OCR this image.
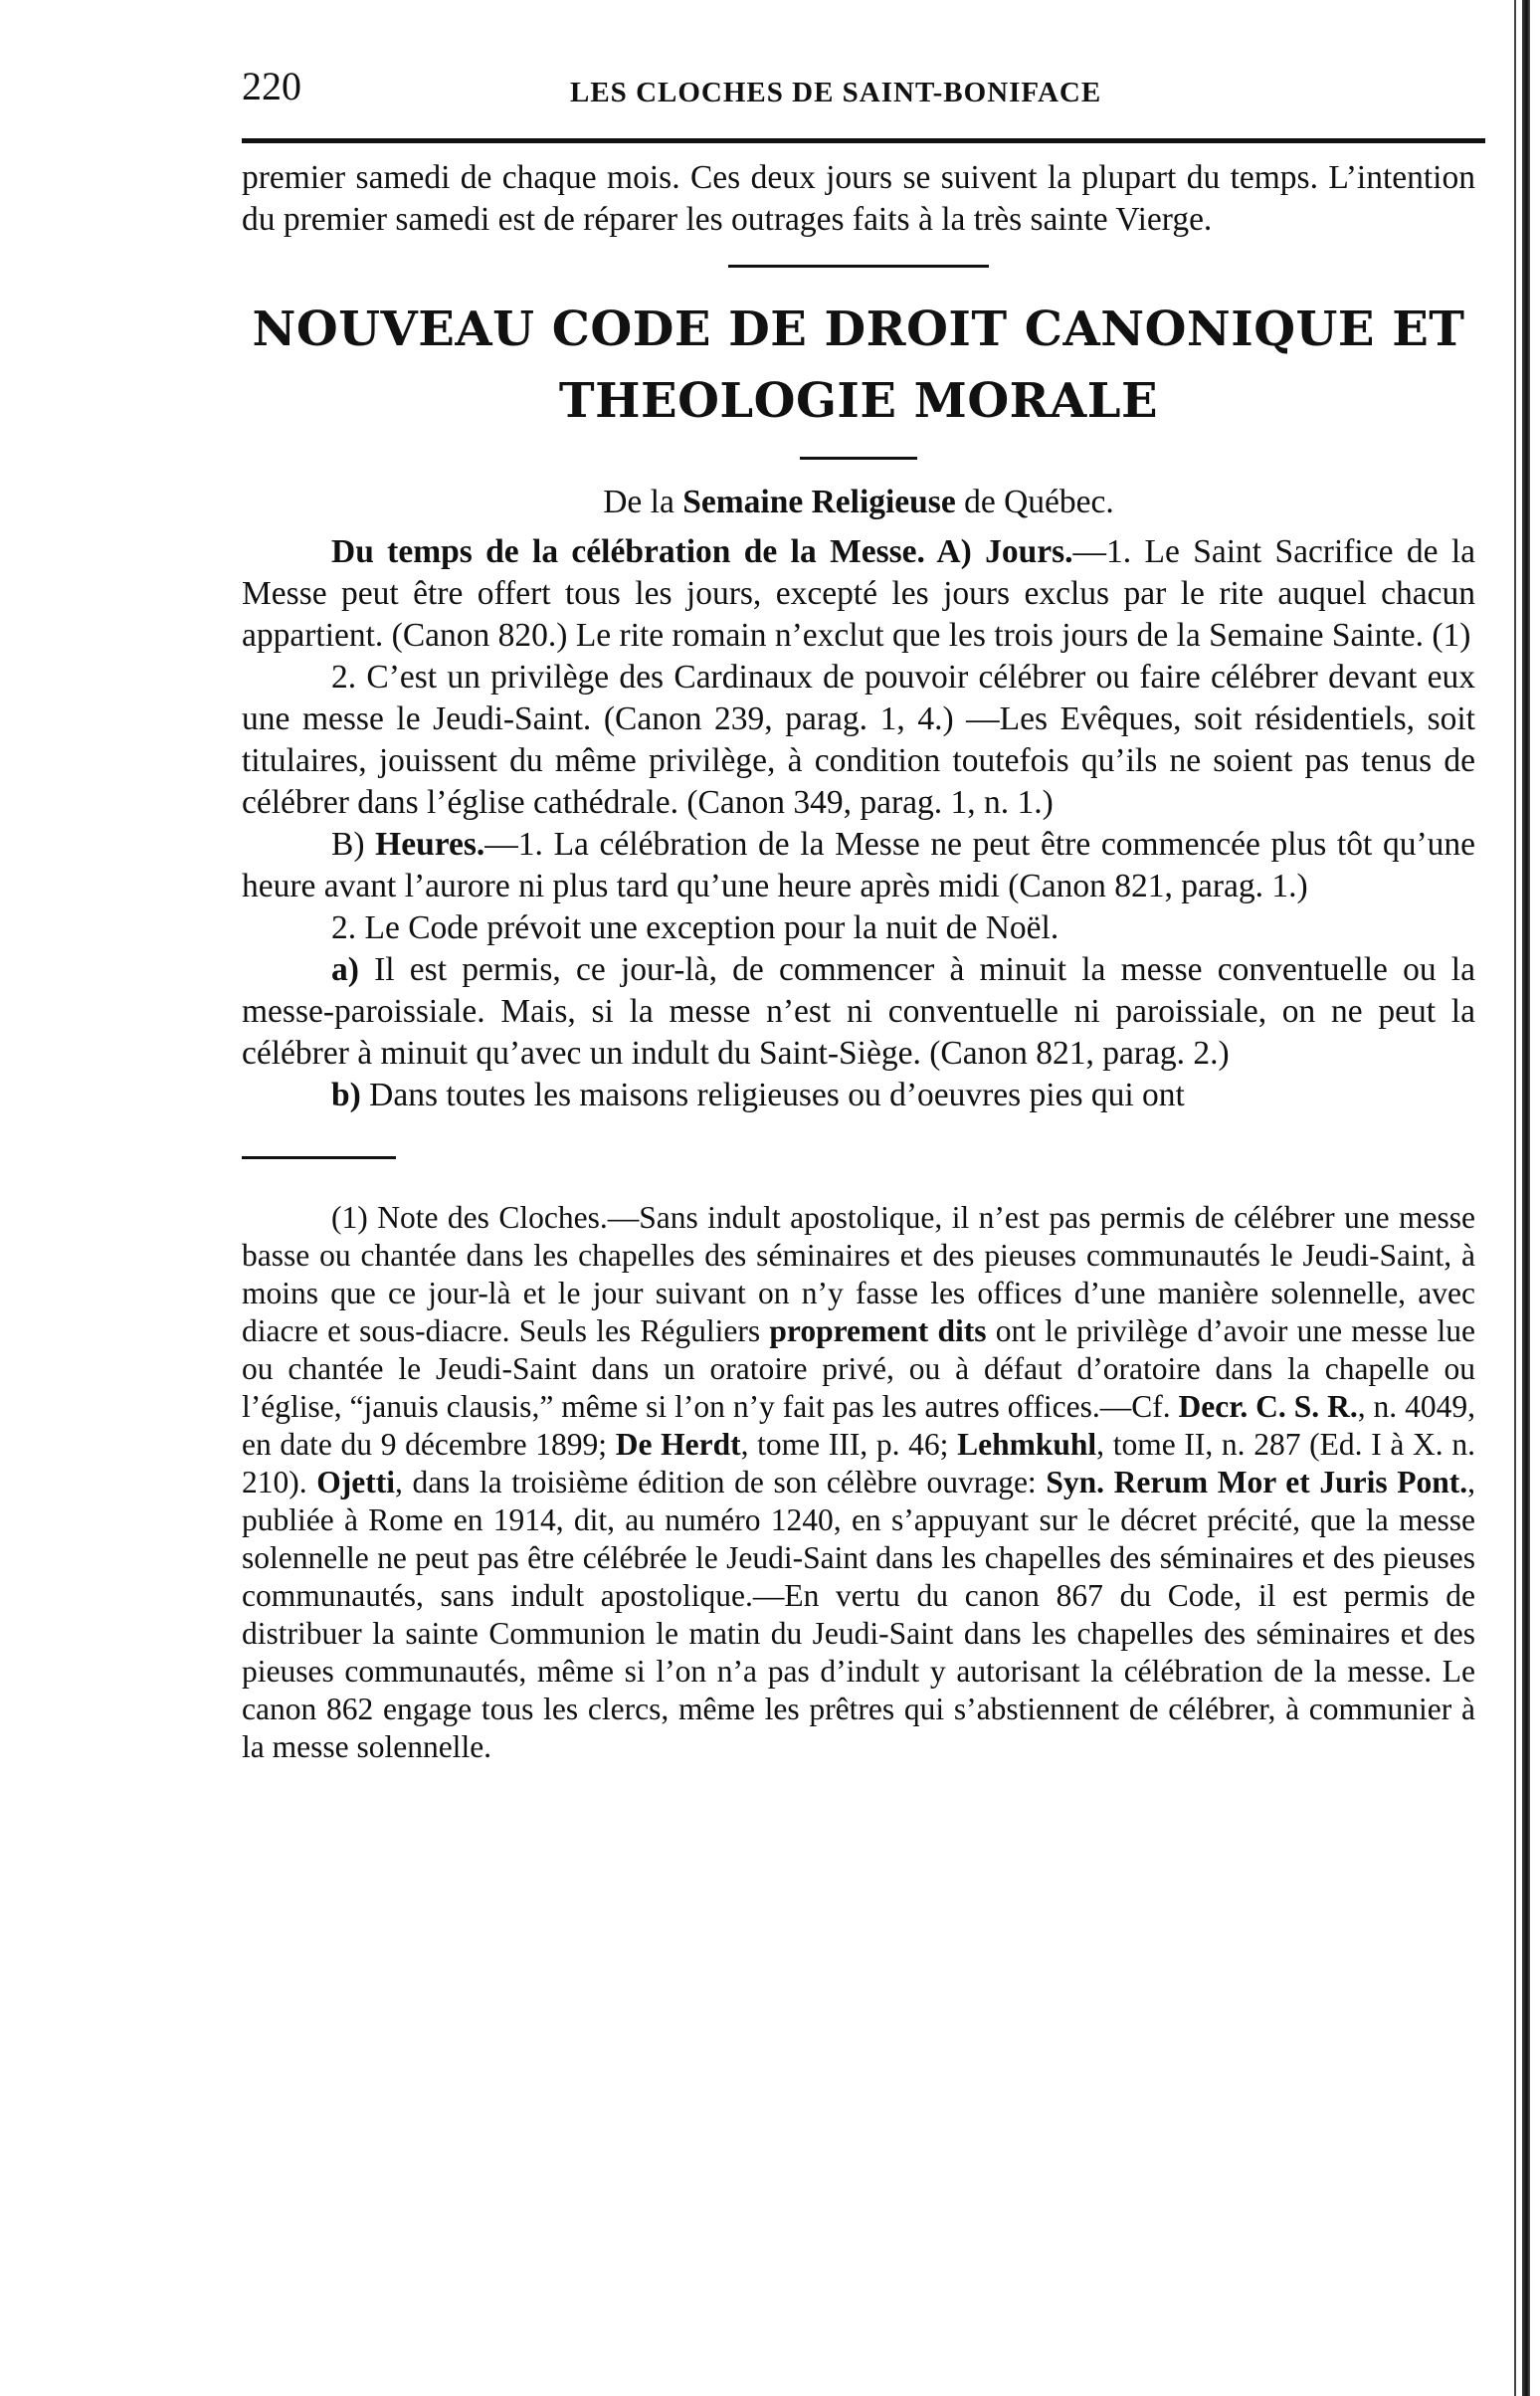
220	LES CLOCHES DE SAINT-BONIFACE

premier samedi de chaque mois. Ces deux jours se suivent la plupart du temps. L’intention du premier samedi est de réparer les outrages faits à la très sainte Vierge.

NOUVEAU CODE DE DROIT CANONIQUE ET
THEOLOGIE MORALE

De la Semaine Religieuse de Québec.

Du temps de la célébration de la Messe. A) Jours.—1. Le Saint Sacrifice de la Messe peut être offert tous les jours, excepté les jours exclus par le rite auquel chacun appartient. (Canon 820.) Le rite romain n’exclut que les trois jours de la Semaine Sainte. (1)

2. C’est un privilège des Cardinaux de pouvoir célébrer ou faire célébrer devant eux une messe le Jeudi-Saint. (Canon 239, parag. 1, 4.) —Les Evêques, soit résidentiels, soit titulaires, jouissent du même privilège, à condition toutefois qu’ils ne soient pas tenus de célébrer dans l’église cathédrale. (Canon 349, parag. 1, n. 1.)

B) Heures.—1. La célébration de la Messe ne peut être commencée plus tôt qu’une heure avant l’aurore ni plus tard qu’une heure après midi (Canon 821, parag. 1.)

2. Le Code prévoit une exception pour la nuit de Noël.

a) Il est permis, ce jour-là, de commencer à minuit la messe conventuelle ou la messe-paroissiale. Mais, si la messe n’est ni conventuelle ni paroissiale, on ne peut la célébrer à minuit qu’avec un indult du Saint-Siège. (Canon 821, parag. 2.)

b) Dans toutes les maisons religieuses ou d’oeuvres pies qui ont

(1) Note des Cloches.—Sans indult apostolique, il n’est pas permis de célébrer une messe basse ou chantée dans les chapelles des séminaires et des pieuses communautés le Jeudi-Saint, à moins que ce jour-là et le jour suivant on n’y fasse les offices d’une manière solennelle, avec diacre et sous-diacre. Seuls les Réguliers proprement dits ont le privilège d’avoir une messe lue ou chantée le Jeudi-Saint dans un oratoire privé, ou à défaut d’oratoire dans la chapelle ou l’église, “januis clausis,” même si l’on n’y fait pas les autres offices.—Cf. Decr. C. S. R., n. 4049, en date du 9 décembre 1899; De Herdt, tome III, p. 46; Lehmkuhl, tome II, n. 287 (Ed. I à X. n. 210). Ojetti, dans la troisième édition de son célèbre ouvrage: Syn. Rerum Mor et Juris Pont., publiée à Rome en 1914, dit, au numéro 1240, en s’appuyant sur le décret précité, que la messe solennelle ne peut pas être célébrée le Jeudi-Saint dans les chapelles des séminaires et des pieuses communautés, sans indult apostolique.—En vertu du canon 867 du Code, il est permis de distribuer la sainte Communion le matin du Jeudi-Saint dans les chapelles des séminaires et des pieuses communautés, même si l’on n’a pas d’indult y autorisant la célébration de la messe. Le canon 862 engage tous les clercs, même les prêtres qui s’abstiennent de célébrer, à communier à la messe solennelle.
